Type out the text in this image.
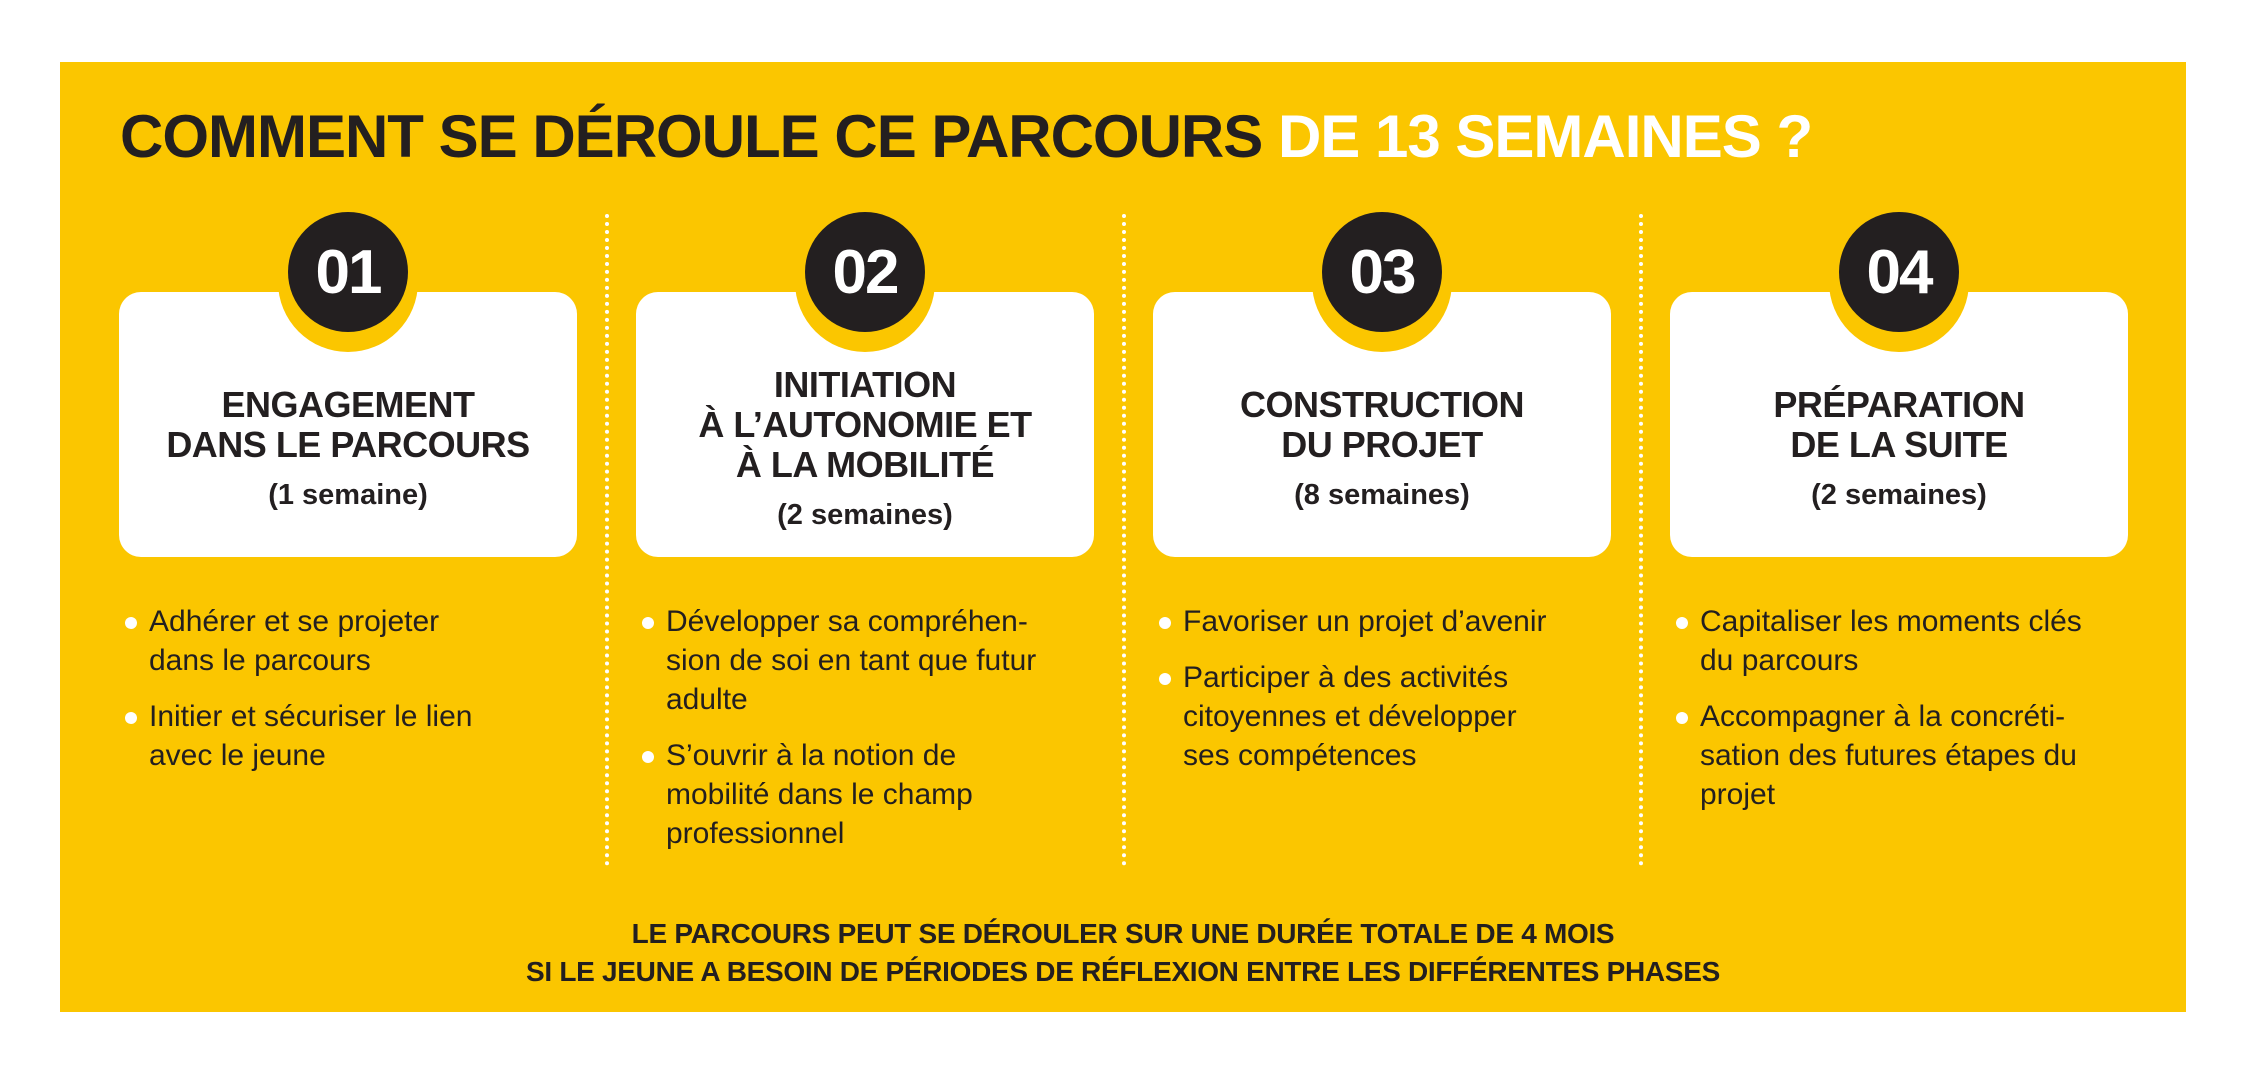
COMMENT SE DÉROULE CE PARCOURS DE 13 SEMAINES ?
ENGAGEMENT
DANS LE PARCOURS
(1 semaine)
01
Adhérer et se projeter
dans le parcours
Initier et sécuriser le lien
avec le jeune
INITIATION
À L’AUTONOMIE ET
À LA MOBILITÉ
(2 semaines)
02
Développer sa compréhen-
sion de soi en tant que futur
adulte
S’ouvrir à la notion de
mobilité dans le champ
professionnel
CONSTRUCTION
DU PROJET
(8 semaines)
03
Favoriser un projet d’avenir
Participer à des activités
citoyennes et développer
ses compétences
PRÉPARATION
DE LA SUITE
(2 semaines)
04
Capitaliser les moments clés
du parcours
Accompagner à la concréti-
sation des futures étapes du
projet
LE PARCOURS PEUT SE DÉROULER SUR UNE DURÉE TOTALE DE 4 MOIS
SI LE JEUNE A BESOIN DE PÉRIODES DE RÉFLEXION ENTRE LES DIFFÉRENTES PHASES
